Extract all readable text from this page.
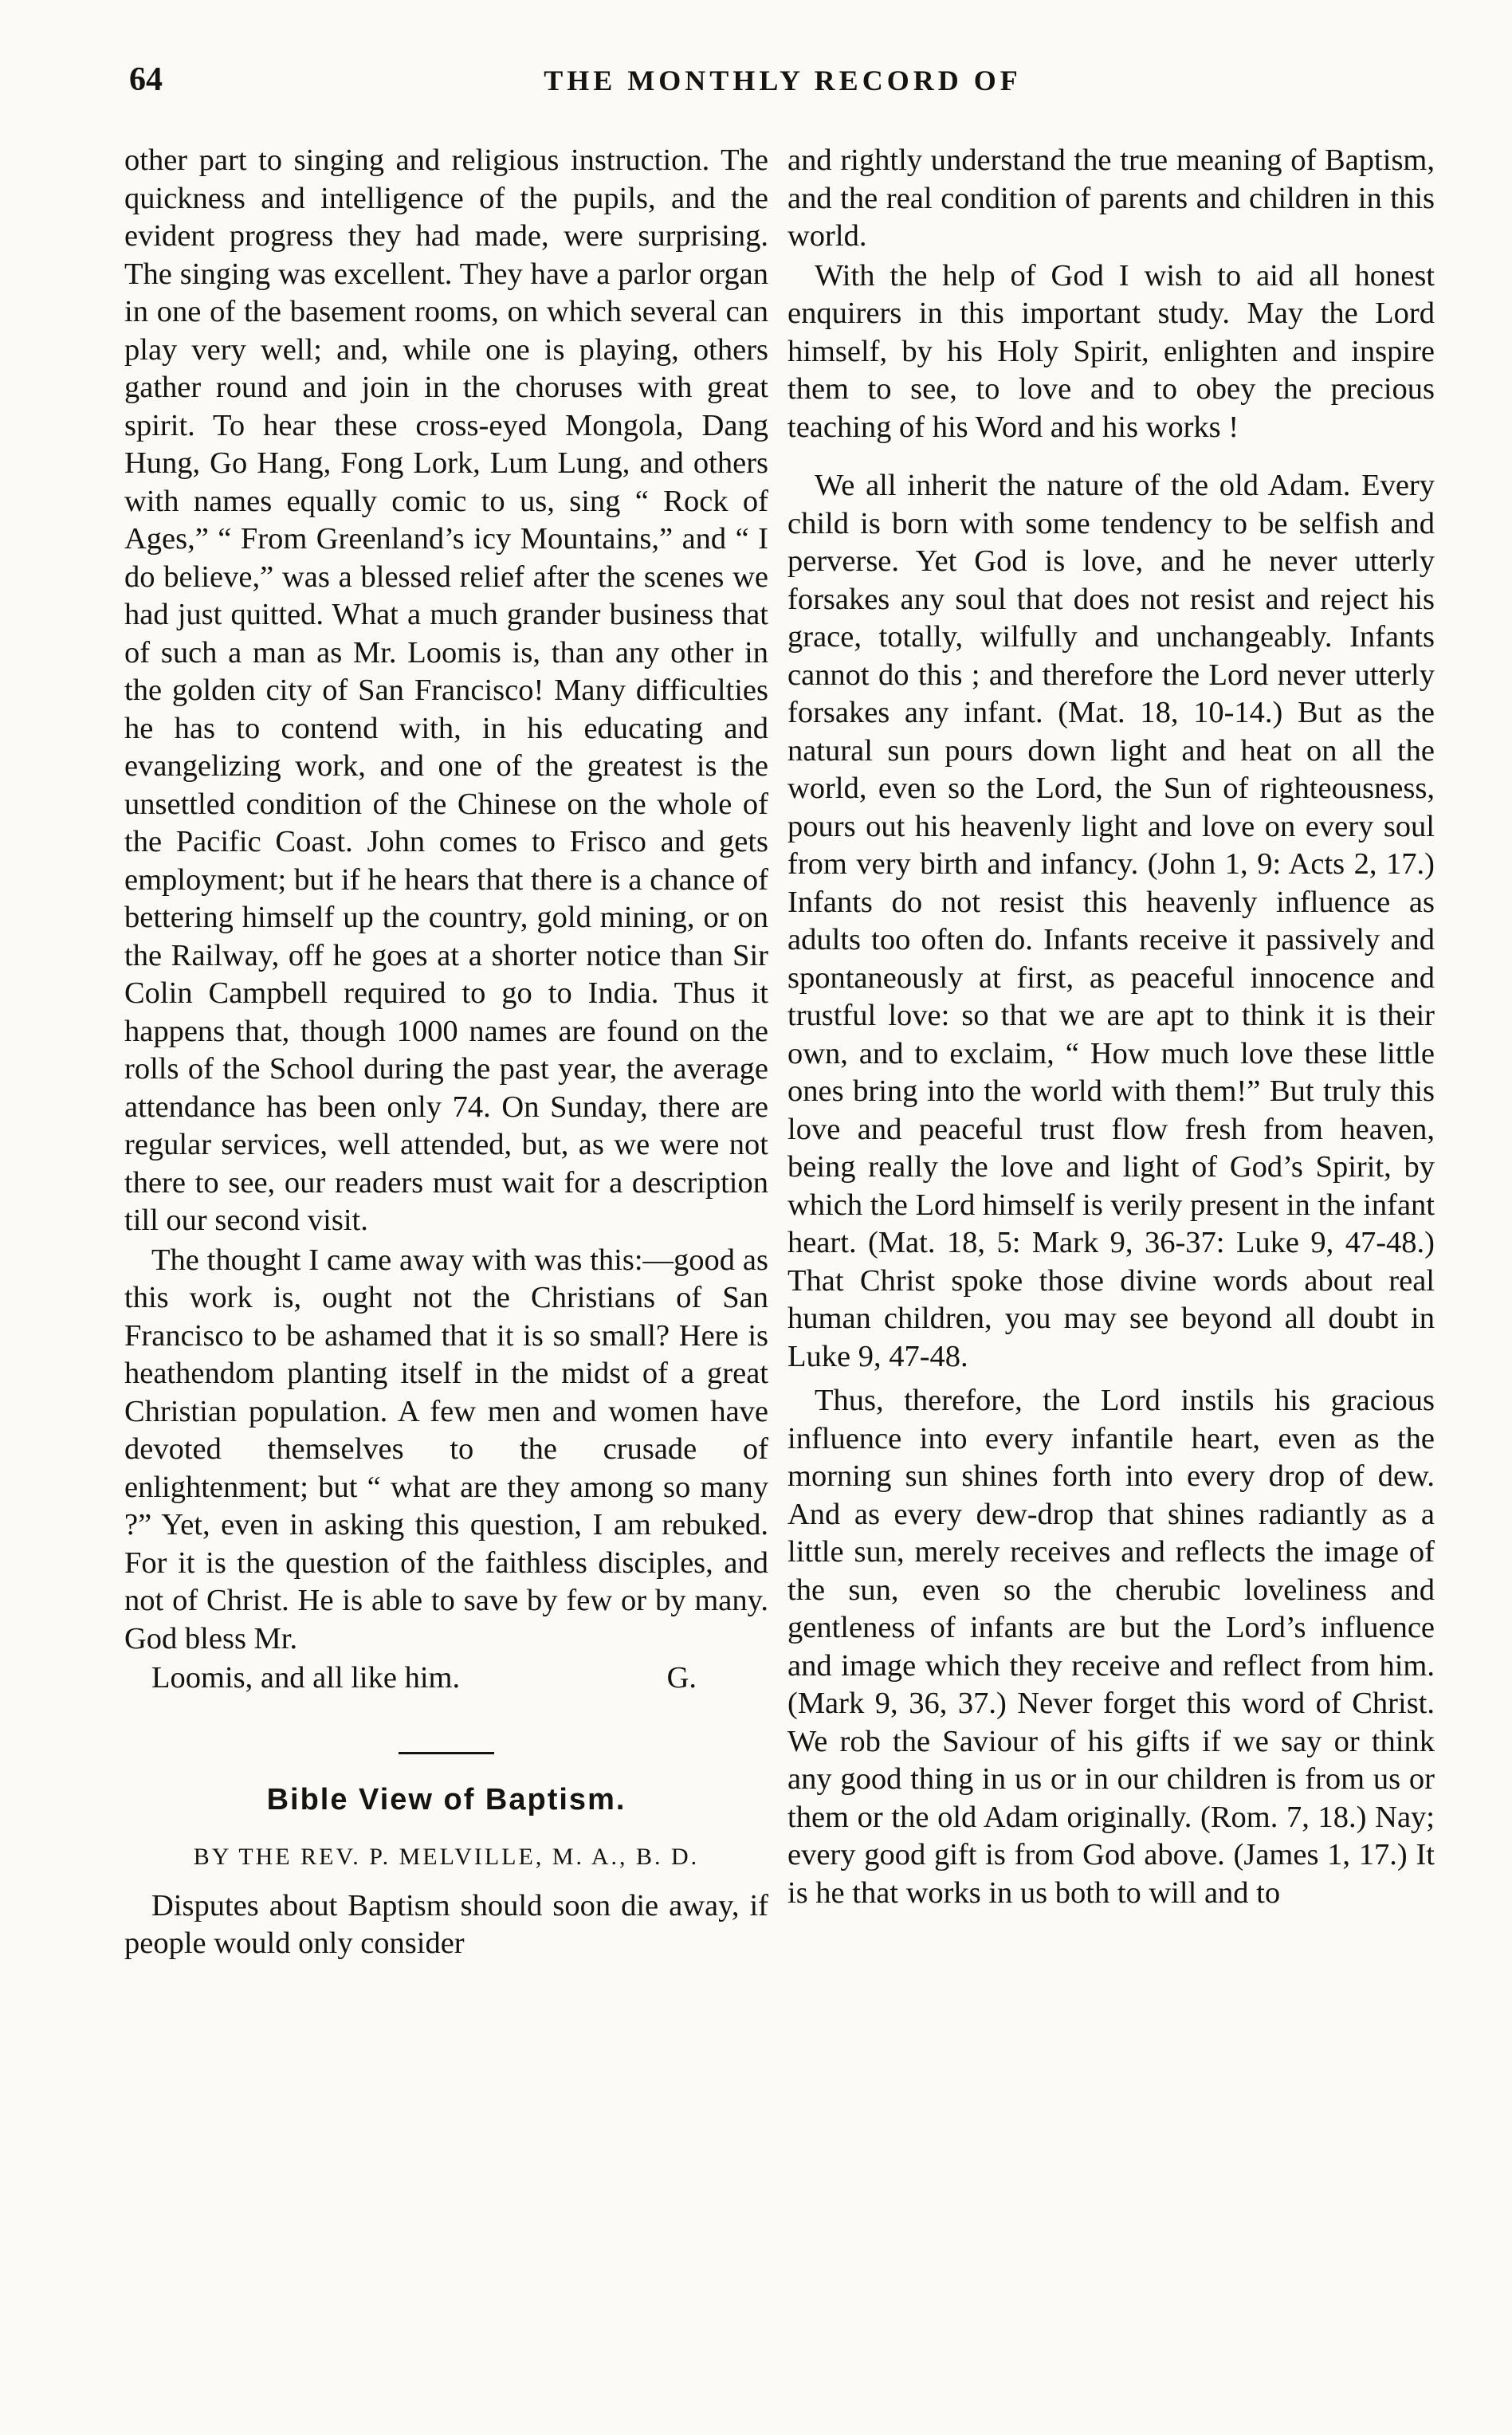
64	THE MONTHLY RECORD OF

other part to singing and religious instruction. The quickness and intelligence of the pupils, and the evident progress they had made, were surprising. The singing was excellent. They have a parlor organ in one of the basement rooms, on which several can play very well; and, while one is playing, others gather round and join in the choruses with great spirit. To hear these cross-eyed Mongola, Dang Hung, Go Hang, Fong Lork, Lum Lung, and others with names equally comic to us, sing “ Rock of Ages,” “ From Greenland’s icy Mountains,” and “ I do believe,” was a blessed relief after the scenes we had just quitted. What a much grander business that of such a man as Mr. Loomis is, than any other in the golden city of San Francisco! Many difficulties he has to contend with, in his educating and evangelizing work, and one of the greatest is the unsettled condition of the Chinese on the whole of the Pacific Coast. John comes to Frisco and gets employment; but if he hears that there is a chance of bettering himself up the country, gold mining, or on the Railway, off he goes at a shorter notice than Sir Colin Campbell required to go to India. Thus it happens that, though 1000 names are found on the rolls of the School during the past year, the average attendance has been only 74. On Sunday, there are regular services, well attended, but, as we were not there to see, our readers must wait for a description till our second visit.

The thought I came away with was this:—good as this work is, ought not the Christians of San Francisco to be ashamed that it is so small? Here is heathendom planting itself in the midst of a great Christian population. A few men and women have devoted themselves to the crusade of enlightenment; but “ what are they among so many ?” Yet, even in asking this question, I am rebuked. For it is the question of the faithless disciples, and not of Christ. He is able to save by few or by many. God bless Mr.

Loomis, and all like him.	G.

Bible View of Baptism.
BY THE REV. P. MELVILLE, M. A., B. D.

Disputes about Baptism should soon die away, if people would only consider

and rightly understand the true meaning of Baptism, and the real condition of parents and children in this world.

With the help of God I wish to aid all honest enquirers in this important study. May the Lord himself, by his Holy Spirit, enlighten and inspire them to see, to love and to obey the precious teaching of his Word and his works !

We all inherit the nature of the old Adam. Every child is born with some tendency to be selfish and perverse. Yet God is love, and he never utterly forsakes any soul that does not resist and reject his grace, totally, wilfully and unchangeably. Infants cannot do this ; and therefore the Lord never utterly forsakes any infant. (Mat. 18, 10-14.) But as the natural sun pours down light and heat on all the world, even so the Lord, the Sun of righteousness, pours out his heavenly light and love on every soul from very birth and infancy. (John 1, 9: Acts 2, 17.) Infants do not resist this heavenly influence as adults too often do. Infants receive it passively and spontaneously at first, as peaceful innocence and trustful love: so that we are apt to think it is their own, and to exclaim, “ How much love these little ones bring into the world with them!” But truly this love and peaceful trust flow fresh from heaven, being really the love and light of God’s Spirit, by which the Lord himself is verily present in the infant heart. (Mat. 18, 5: Mark 9, 36-37: Luke 9, 47-48.) That Christ spoke those divine words about real human children, you may see beyond all doubt in Luke 9, 47-48.

Thus, therefore, the Lord instils his gracious influence into every infantile heart, even as the morning sun shines forth into every drop of dew. And as every dew-drop that shines radiantly as a little sun, merely receives and reflects the image of the sun, even so the cherubic loveliness and gentleness of infants are but the Lord’s influence and image which they receive and reflect from him. (Mark 9, 36, 37.) Never forget this word of Christ. We rob the Saviour of his gifts if we say or think any good thing in us or in our children is from us or them or the old Adam originally. (Rom. 7, 18.) Nay; every good gift is from God above. (James 1, 17.) It is he that works in us both to will and to
